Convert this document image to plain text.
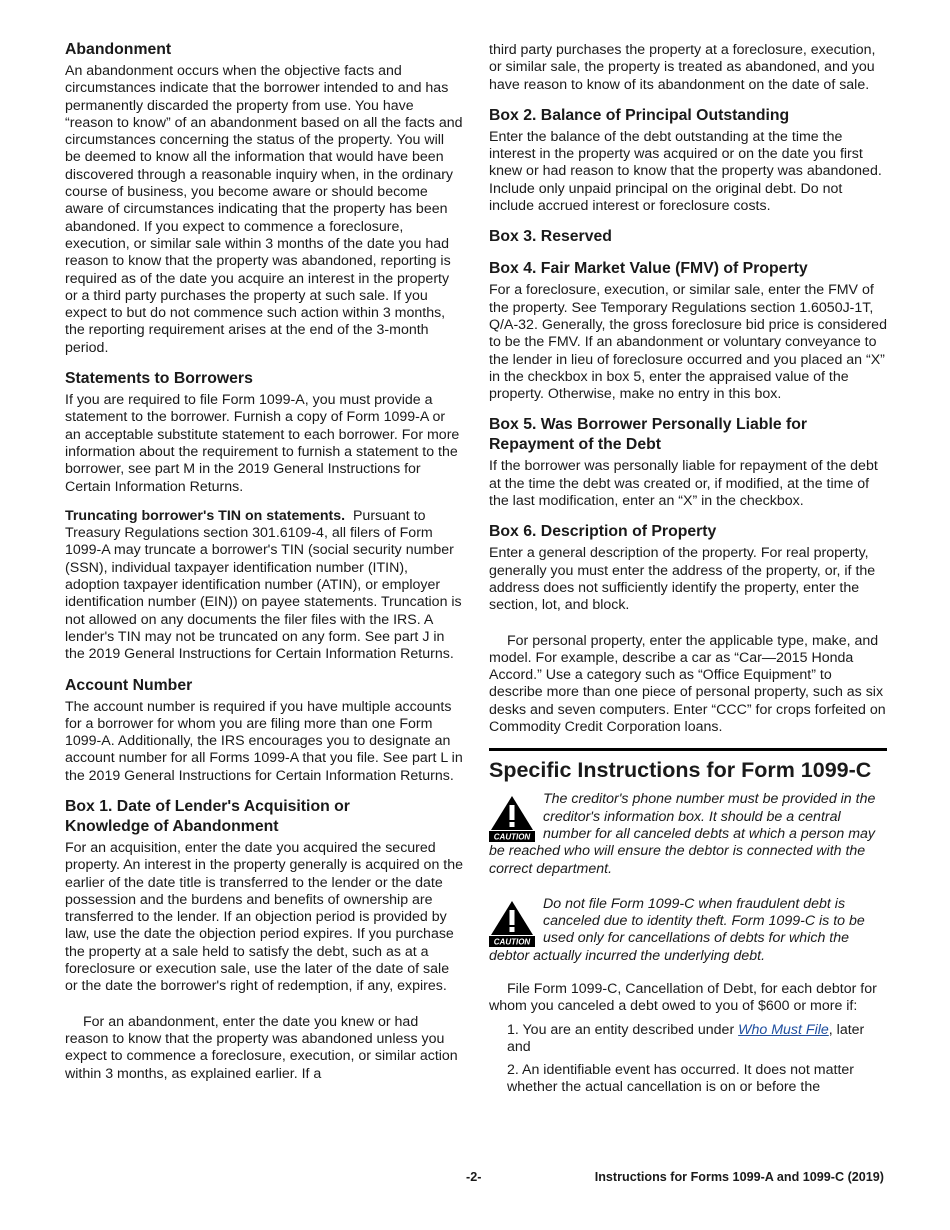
Abandonment

An abandonment occurs when the objective facts and circumstances indicate that the borrower intended to and has permanently discarded the property from use. You have “reason to know” of an abandonment based on all the facts and circumstances concerning the status of the property. You will be deemed to know all the information that would have been discovered through a reasonable inquiry when, in the ordinary course of business, you become aware or should become aware of circumstances indicating that the property has been abandoned. If you expect to commence a foreclosure, execution, or similar sale within 3 months of the date you had reason to know that the property was abandoned, reporting is required as of the date you acquire an interest in the property or a third party purchases the property at such sale. If you expect to but do not commence such action within 3 months, the reporting requirement arises at the end of the 3-month period.

Statements to Borrowers

If you are required to file Form 1099-A, you must provide a statement to the borrower. Furnish a copy of Form 1099-A or an acceptable substitute statement to each borrower. For more information about the requirement to furnish a statement to the borrower, see part M in the 2019 General Instructions for Certain Information Returns.

Truncating borrower's TIN on statements. Pursuant to Treasury Regulations section 301.6109-4, all filers of Form 1099-A may truncate a borrower's TIN (social security number (SSN), individual taxpayer identification number (ITIN), adoption taxpayer identification number (ATIN), or employer identification number (EIN)) on payee statements. Truncation is not allowed on any documents the filer files with the IRS. A lender's TIN may not be truncated on any form. See part J in the 2019 General Instructions for Certain Information Returns.

Account Number

The account number is required if you have multiple accounts for a borrower for whom you are filing more than one Form 1099-A. Additionally, the IRS encourages you to designate an account number for all Forms 1099-A that you file. See part L in the 2019 General Instructions for Certain Information Returns.

Box 1. Date of Lender's Acquisition or
Knowledge of Abandonment

For an acquisition, enter the date you acquired the secured property. An interest in the property generally is acquired on the earlier of the date title is transferred to the lender or the date possession and the burdens and benefits of ownership are transferred to the lender. If an objection period is provided by law, use the date the objection period expires. If you purchase the property at a sale held to satisfy the debt, such as at a foreclosure or execution sale, use the later of the date of sale or the date the borrower's right of redemption, if any, expires.

For an abandonment, enter the date you knew or had reason to know that the property was abandoned unless you expect to commence a foreclosure, execution, or similar action within 3 months, as explained earlier. If a

third party purchases the property at a foreclosure, execution, or similar sale, the property is treated as abandoned, and you have reason to know of its abandonment on the date of sale.

Box 2. Balance of Principal Outstanding

Enter the balance of the debt outstanding at the time the interest in the property was acquired or on the date you first knew or had reason to know that the property was abandoned. Include only unpaid principal on the original debt. Do not include accrued interest or foreclosure costs.

Box 3. Reserved
Box 4. Fair Market Value (FMV) of Property

For a foreclosure, execution, or similar sale, enter the FMV of the property. See Temporary Regulations section 1.6050J-1T, Q/A-32. Generally, the gross foreclosure bid price is considered to be the FMV. If an abandonment or voluntary conveyance to the lender in lieu of foreclosure occurred and you placed an “X” in the checkbox in box 5, enter the appraised value of the property. Otherwise, make no entry in this box.

Box 5. Was Borrower Personally Liable for
Repayment of the Debt

If the borrower was personally liable for repayment of the debt at the time the debt was created or, if modified, at the time of the last modification, enter an “X” in the checkbox.

Box 6. Description of Property

Enter a general description of the property. For real property, generally you must enter the address of the property, or, if the address does not sufficiently identify the property, enter the section, lot, and block.

For personal property, enter the applicable type, make, and model. For example, describe a car as “Car—2015 Honda Accord.” Use a category such as “Office Equipment” to describe more than one piece of personal property, such as six desks and seven computers. Enter “CCC” for crops forfeited on Commodity Credit Corporation loans.

Specific Instructions for Form 1099-C
CAUTION
The creditor's phone number must be provided in the creditor's information box. It should be a central number for all canceled debts at which a person may be reached who will ensure the debtor is connected with the correct department.
CAUTION
Do not file Form 1099-C when fraudulent debt is canceled due to identity theft. Form 1099-C is to be used only for cancellations of debts for which the debtor actually incurred the underlying debt.

File Form 1099-C, Cancellation of Debt, for each debtor for whom you canceled a debt owed to you of $600 or more if:

1. You are an entity described under Who Must File, later and

2. An identifiable event has occurred. It does not matter whether the actual cancellation is on or before the

-2-	Instructions for Forms 1099-A and 1099-C (2019)
